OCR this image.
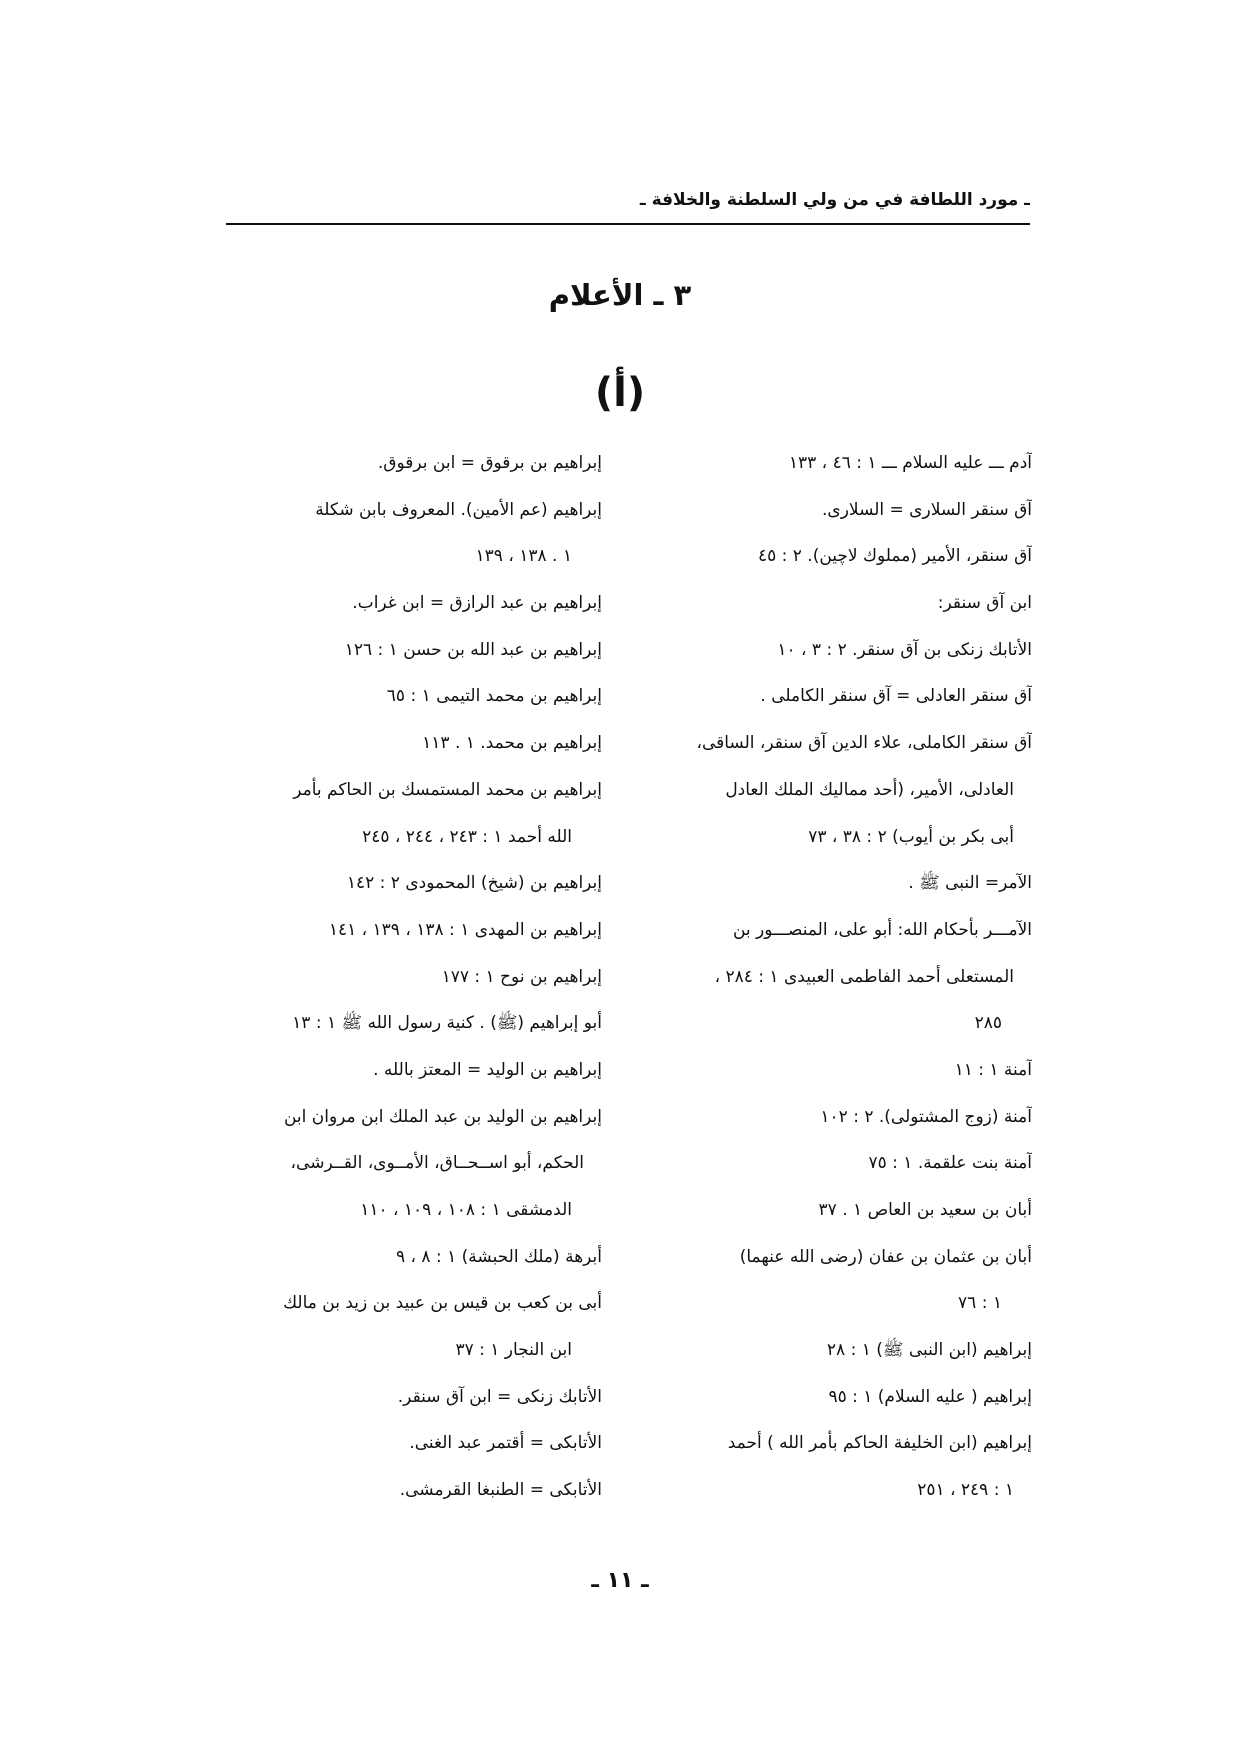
ـ مورد اللطافة في من ولي السلطنة والخلافة ـ
٣ ـ الأعلام
(أ)
آدم ـــ عليه السلام ـــ ١ : ٤٦ ، ١٣٣
آق سنقر السلارى = السلارى.
آق سنقر، الأمير (مملوك لاچين). ٢ : ٤٥
ابن آق سنقر:
الأتابك زنكى بن آق سنقر. ٢ : ٣ ، ١٠
آق سنقر العادلى = آق سنقر الكاملى .
آق سنقر الكاملى، علاء الدين آق سنقر، الساقى،
العادلى، الأمير، (أحد مماليك الملك العادل
أبى بكر بن أيوب) ٢ : ٣٨ ، ٧٣
الآمر= النبى ﷺ .
الآمـــر بأحكام الله: أبو على، المنصـــور بن
المستعلى أحمد الفاطمى العبيدى ١ : ٢٨٤ ،
٢٨٥
آمنة ١ : ١١
آمنة (زوج المشتولى). ٢ : ١٠٢
آمنة بنت علقمة. ١ : ٧٥
أبان بن سعيد بن العاص ١ . ٣٧
أبان بن عثمان بن عفان (رضى الله عنهما)
١ : ٧٦
إبراهيم (ابن النبى ﷺ) ١ : ٢٨
إبراهيم ( عليه السلام) ١ : ٩٥
إبراهيم (ابن الخليفة الحاكم بأمر الله ) أحمد
١ : ٢٤٩ ، ٢٥١
إبراهيم بن برقوق = ابن برقوق.
إبراهيم (عم الأمين). المعروف بابن شكلة
١ . ١٣٨ ، ١٣٩
إبراهيم بن عبد الرازق = ابن غراب.
إبراهيم بن عبد الله بن حسن ١ : ١٢٦
إبراهيم بن محمد التيمى ١ : ٦٥
إبراهيم بن محمد. ١ . ١١٣
إبراهيم بن محمد المستمسك بن الحاكم بأمر
الله أحمد ١ : ٢٤٣ ، ٢٤٤ ، ٢٤٥
إبراهيم بن (شيخ) المحمودى ٢ : ١٤٢
إبراهيم بن المهدى ١ : ١٣٨ ، ١٣٩ ، ١٤١
إبراهيم بن نوح ١ : ١٧٧
أبو إبراهيم (ﷺ) . كنية رسول الله ﷺ ١ : ١٣
إبراهيم بن الوليد = المعتز بالله .
إبراهيم بن الوليد بن عبد الملك ابن مروان ابن
الحكم، أبو اســحــاق، الأمــوى، القــرشى،
الدمشقى ١ : ١٠٨ ، ١٠٩ ، ١١٠
أبرهة (ملك الحبشة) ١ : ٨ ، ٩
أبى بن كعب بن قيس بن عبيد بن زيد بن مالك
ابن النجار ١ : ٣٧
الأتابك زنكى = ابن آق سنقر.
الأتابكى = أقتمر عبد الغنى.
الأتابكى = الطنبغا القرمشى.
ـ ١١ ـ
